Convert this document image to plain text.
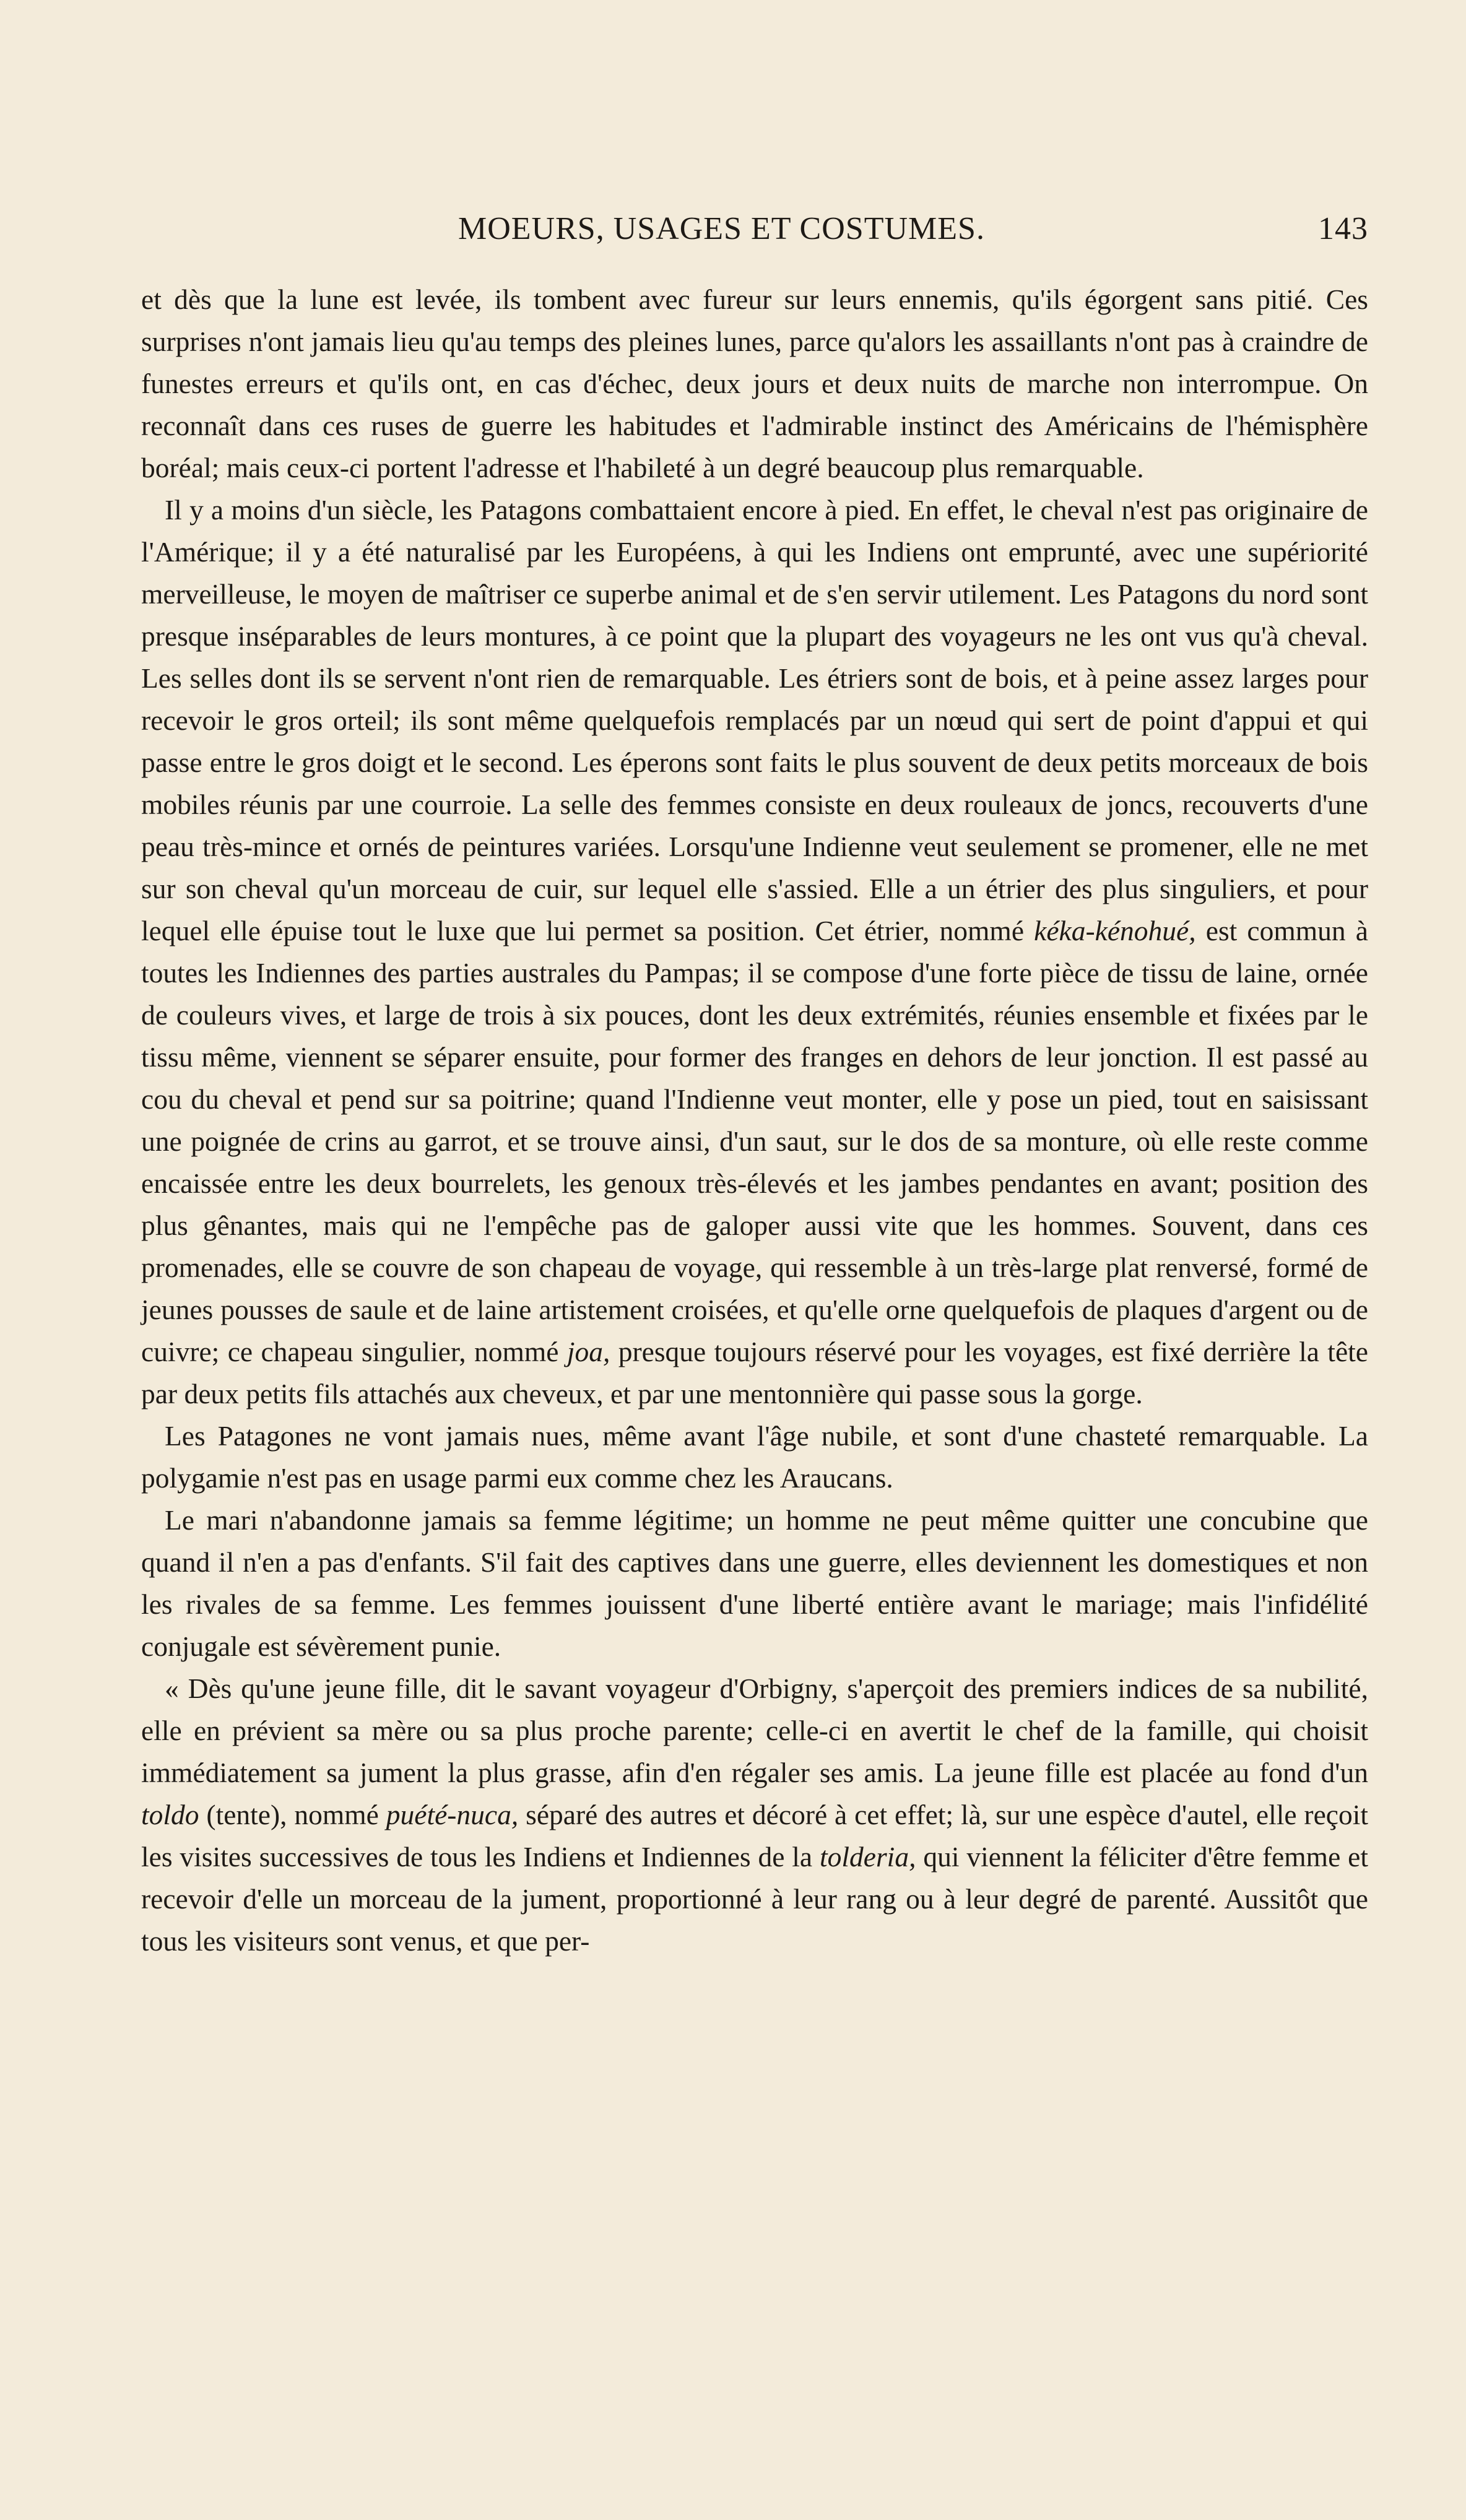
MOEURS, USAGES ET COSTUMES.	143

et dès que la lune est levée, ils tombent avec fureur sur leurs ennemis, qu'ils égorgent sans pitié. Ces surprises n'ont jamais lieu qu'au temps des pleines lunes, parce qu'alors les assaillants n'ont pas à craindre de funestes erreurs et qu'ils ont, en cas d'échec, deux jours et deux nuits de marche non interrompue. On reconnaît dans ces ruses de guerre les habitudes et l'admirable instinct des Américains de l'hémisphère boréal; mais ceux-ci portent l'adresse et l'habileté à un degré beaucoup plus remarquable.

Il y a moins d'un siècle, les Patagons combattaient encore à pied. En effet, le cheval n'est pas originaire de l'Amérique; il y a été naturalisé par les Européens, à qui les Indiens ont emprunté, avec une supériorité merveilleuse, le moyen de maîtriser ce superbe animal et de s'en servir utilement. Les Patagons du nord sont presque inséparables de leurs montures, à ce point que la plupart des voyageurs ne les ont vus qu'à cheval. Les selles dont ils se servent n'ont rien de remarquable. Les étriers sont de bois, et à peine assez larges pour recevoir le gros orteil; ils sont même quelquefois remplacés par un nœud qui sert de point d'appui et qui passe entre le gros doigt et le second. Les éperons sont faits le plus souvent de deux petits morceaux de bois mobiles réunis par une courroie. La selle des femmes consiste en deux rouleaux de joncs, recouverts d'une peau très-mince et ornés de peintures variées. Lorsqu'une Indienne veut seulement se promener, elle ne met sur son cheval qu'un morceau de cuir, sur lequel elle s'assied. Elle a un étrier des plus singuliers, et pour lequel elle épuise tout le luxe que lui permet sa position. Cet étrier, nommé kéka-kénohué, est commun à toutes les Indiennes des parties australes du Pampas; il se compose d'une forte pièce de tissu de laine, ornée de couleurs vives, et large de trois à six pouces, dont les deux extrémités, réunies ensemble et fixées par le tissu même, viennent se séparer ensuite, pour former des franges en dehors de leur jonction. Il est passé au cou du cheval et pend sur sa poitrine; quand l'Indienne veut monter, elle y pose un pied, tout en saisissant une poignée de crins au garrot, et se trouve ainsi, d'un saut, sur le dos de sa monture, où elle reste comme encaissée entre les deux bourrelets, les genoux très-élevés et les jambes pendantes en avant; position des plus gênantes, mais qui ne l'empêche pas de galoper aussi vite que les hommes. Souvent, dans ces promenades, elle se couvre de son chapeau de voyage, qui ressemble à un très-large plat renversé, formé de jeunes pousses de saule et de laine artistement croisées, et qu'elle orne quelquefois de plaques d'argent ou de cuivre; ce chapeau singulier, nommé joa, presque toujours réservé pour les voyages, est fixé derrière la tête par deux petits fils attachés aux cheveux, et par une mentonnière qui passe sous la gorge.

Les Patagones ne vont jamais nues, même avant l'âge nubile, et sont d'une chasteté remarquable. La polygamie n'est pas en usage parmi eux comme chez les Araucans.

Le mari n'abandonne jamais sa femme légitime; un homme ne peut même quitter une concubine que quand il n'en a pas d'enfants. S'il fait des captives dans une guerre, elles deviennent les domestiques et non les rivales de sa femme. Les femmes jouissent d'une liberté entière avant le mariage; mais l'infidélité conjugale est sévèrement punie.

« Dès qu'une jeune fille, dit le savant voyageur d'Orbigny, s'aperçoit des premiers indices de sa nubilité, elle en prévient sa mère ou sa plus proche parente; celle-ci en avertit le chef de la famille, qui choisit immédiatement sa jument la plus grasse, afin d'en régaler ses amis. La jeune fille est placée au fond d'un toldo (tente), nommé puété-nuca, séparé des autres et décoré à cet effet; là, sur une espèce d'autel, elle reçoit les visites successives de tous les Indiens et Indiennes de la tolderia, qui viennent la féliciter d'être femme et recevoir d'elle un morceau de la jument, proportionné à leur rang ou à leur degré de parenté. Aussitôt que tous les visiteurs sont venus, et que per-
